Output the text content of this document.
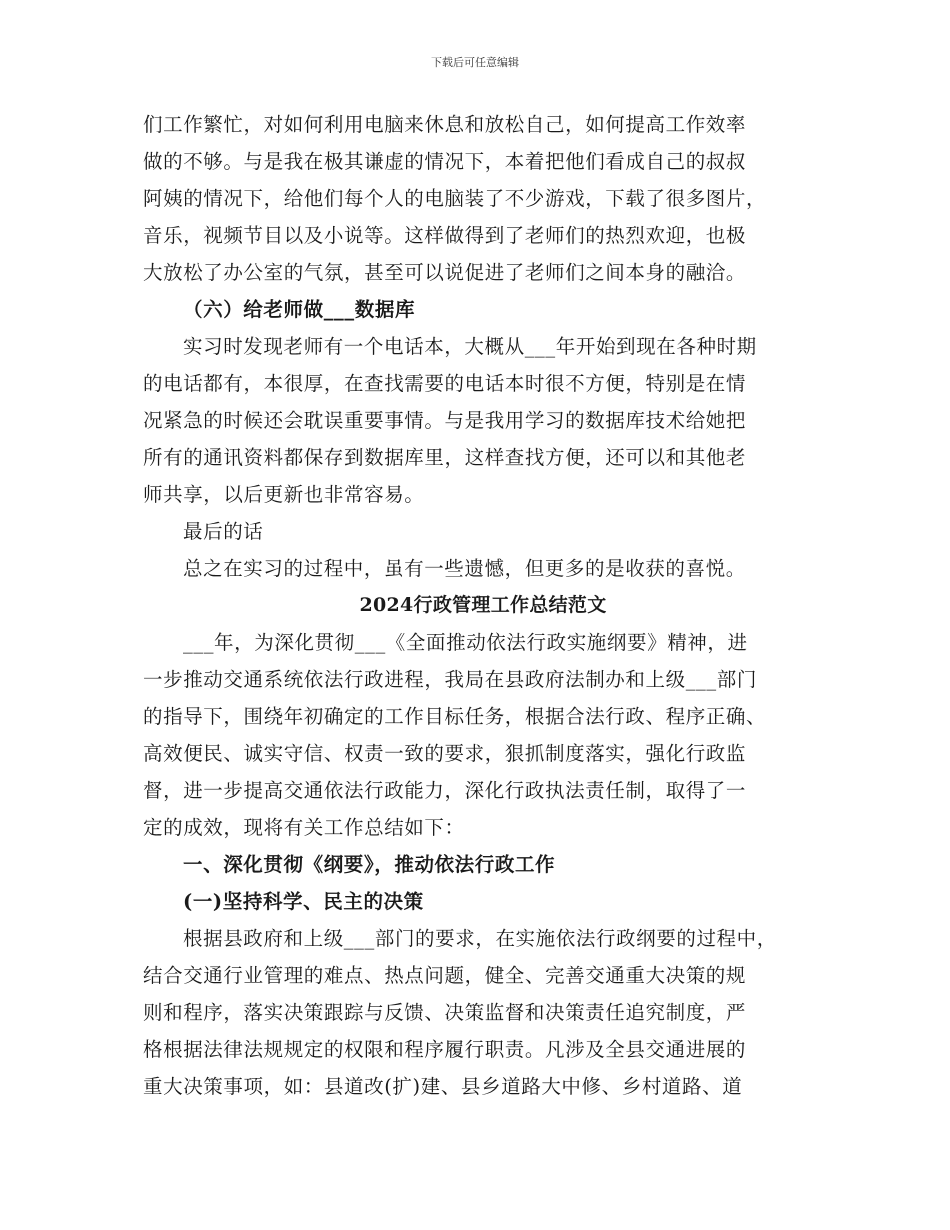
下载后可任意编辑
们工作繁忙，对如何利用电脑来休息和放松自己，如何提高工作效率
做的不够。与是我在极其谦虚的情况下，本着把他们看成自己的叔叔
阿姨的情况下，给他们每个人的电脑装了不少游戏，下载了很多图片，
音乐，视频节目以及小说等。这样做得到了老师们的热烈欢迎，也极
大放松了办公室的气氛，甚至可以说促进了老师们之间本身的融洽。
（六）给老师做___数据库
实习时发现老师有一个电话本，大概从___年开始到现在各种时期
的电话都有，本很厚，在查找需要的电话本时很不方便，特别是在情
况紧急的时候还会耽误重要事情。与是我用学习的数据库技术给她把
所有的通讯资料都保存到数据库里，这样查找方便，还可以和其他老
师共享，以后更新也非常容易。
最后的话
总之在实习的过程中，虽有一些遗憾，但更多的是收获的喜悦。
2024行政管理工作总结范文
___年，为深化贯彻___《全面推动依法行政实施纲要》精神，进
一步推动交通系统依法行政进程，我局在县政府法制办和上级___部门
的指导下，围绕年初确定的工作目标任务，根据合法行政、程序正确、
高效便民、诚实守信、权责一致的要求，狠抓制度落实，强化行政监
督，进一步提高交通依法行政能力，深化行政执法责任制，取得了一
定的成效，现将有关工作总结如下：
一、深化贯彻《纲要》，推动依法行政工作
(一)坚持科学、民主的决策
根据县政府和上级___部门的要求，在实施依法行政纲要的过程中，
结合交通行业管理的难点、热点问题，健全、完善交通重大决策的规
则和程序，落实决策跟踪与反馈、决策监督和决策责任追究制度，严
格根据法律法规规定的权限和程序履行职责。凡涉及全县交通进展的
重大决策事项，如：县道改(扩)建、县乡道路大中修、乡村道路、道
